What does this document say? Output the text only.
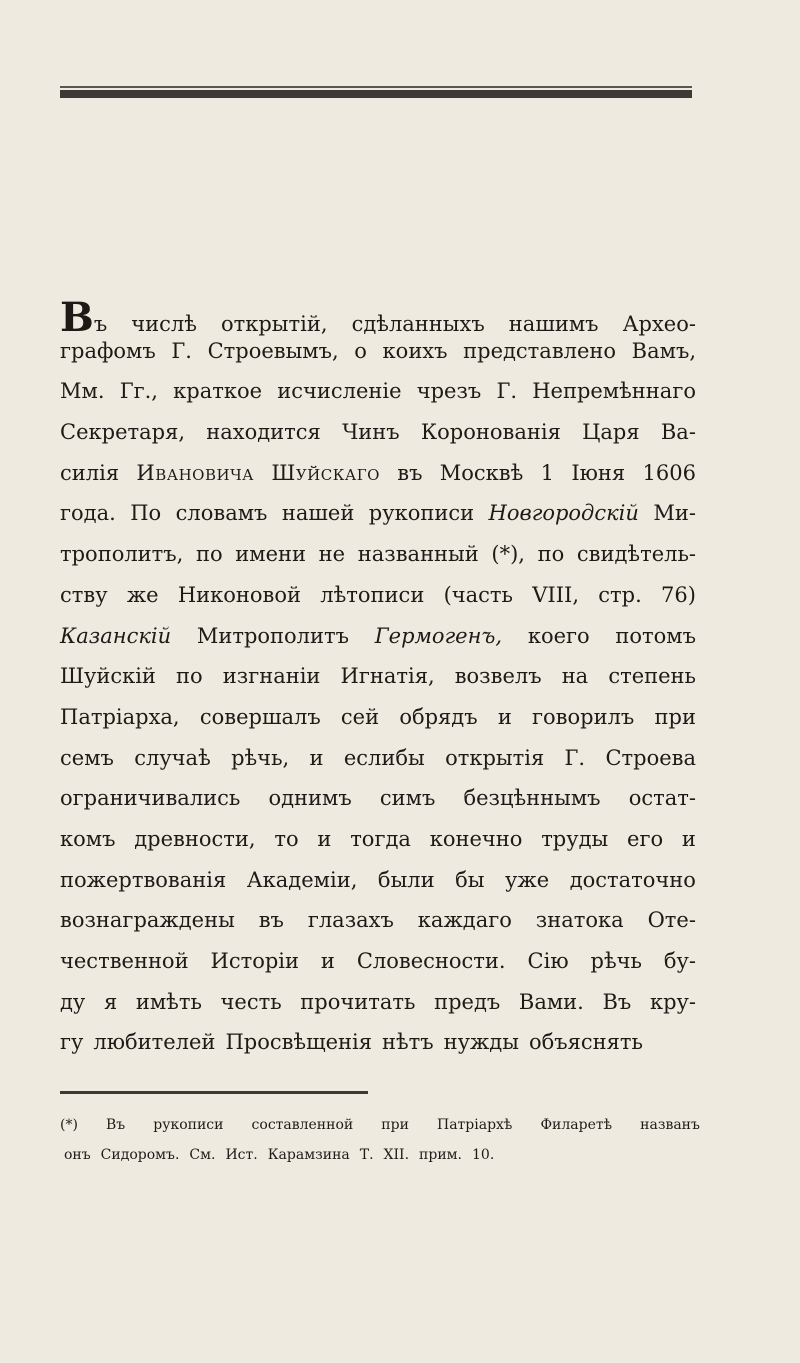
Въ числѣ открытій, сдѣланныхъ нашимъ Архео-
графомъ Г. Строевымъ, о коихъ представлено Вамъ,
Мм. Гг., краткое исчисленіе чрезъ Г. Непремѣннаго
Секретаря, находится Чинъ Коронованія Царя Ва-
силія Ивановича Шуйскаго въ Москвѣ 1 Іюня 1606
года. По словамъ нашей рукописи Новгородскій Ми-
трополитъ, по имени не названный (*), по свидѣтель-
ству же Никоновой лѣтописи (часть VIII, стр. 76)
Казанскій Митрополитъ Гермогенъ, коего потомъ
Шуйскій по изгнаніи Игнатія, возвелъ на степень
Патріарха, совершалъ сей обрядъ и говорилъ при
семъ случаѣ рѣчь, и еслибы открытія Г. Строева
ограничивались однимъ симъ безцѣннымъ остат-
комъ древности, то и тогда конечно труды его и
пожертвованія Академіи, были бы уже достаточно
вознаграждены въ глазахъ каждаго знатока Оте-
чественной Исторіи и Словесности. Сію рѣчь бу-
ду я имѣть честь прочитать предъ Вами. Въ кру-
гу любителей Просвѣщенія нѣтъ нужды объяснять
(*) Въ рукописи составленной при Патріархѣ Филаретѣ названъ
онъ Сидоромъ. См. Ист. Карамзина Т. XII. прим. 10.
